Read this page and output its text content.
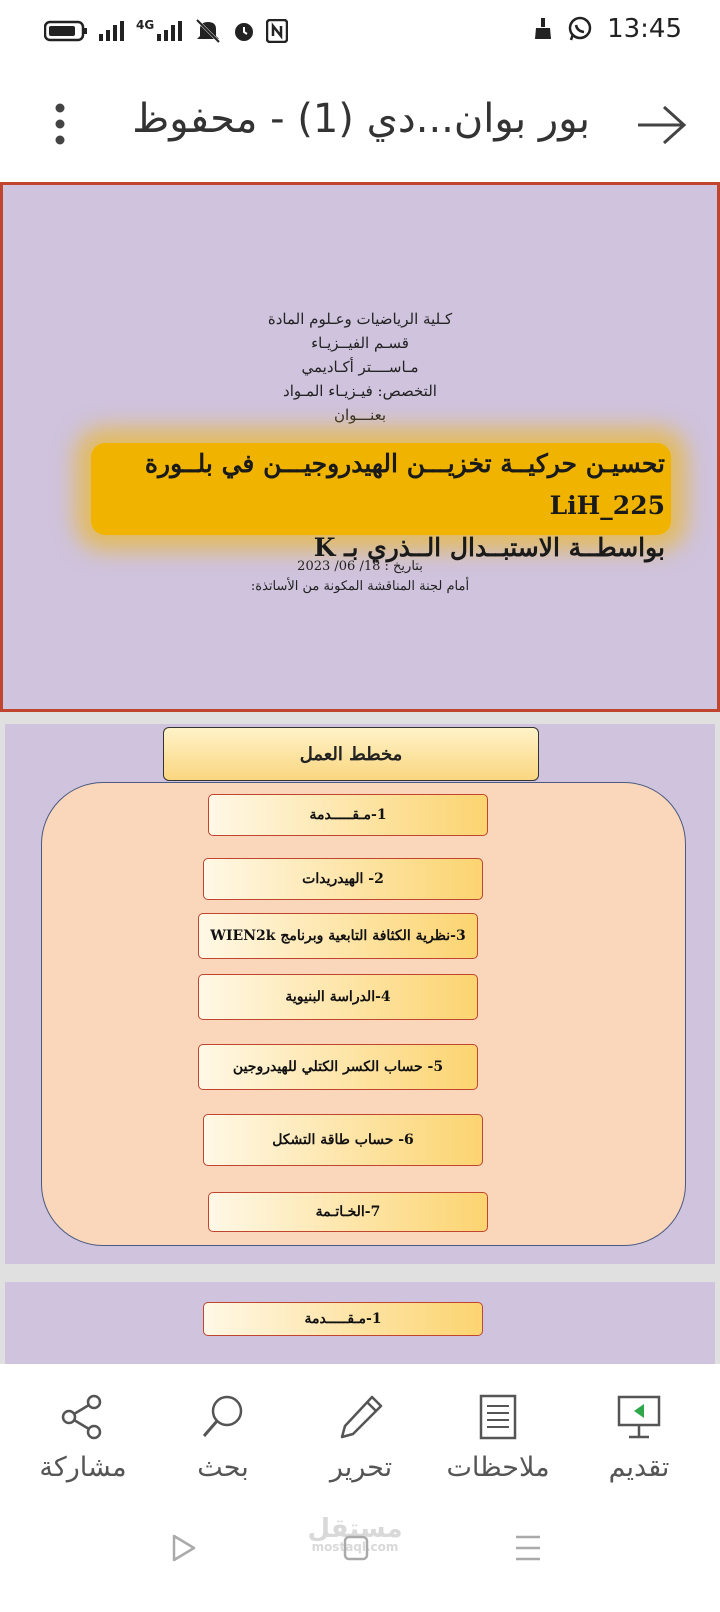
4G	13:45
بور بوان...دي (1) - محفوظ
كـلية الرياضيات وعـلوم المادة
قسـم الفيــزيـاء
مـاســــتر أكـاديمي
التخصص: فيـزيـاء المـواد
بعنـــوان
تحسيـن حركيــة تخزيـــن الهيدروجيـــن في بلــورة LiH_225
بواسطــة الاستبــدال الــذري بـ K
بتاريخ : 18/ 06/ 2023
أمام لجنة المناقشة المكونة من الأساتذة:
مخطط العمل
1-مـقـــــدمة
2- الهيدريدات
3-نظرية الكثافة التابعية وبرنامج WIEN2k
4-الدراسة البنيوية
5- حساب الكسر الكتلي للهيدروجين
6- حساب طاقة التشكل
7-الخـاتـمة
1-مـقـــــدمة
مشاركة	بحث	تحرير	ملاحظات	تقديم
مستقل
mostaql.com
